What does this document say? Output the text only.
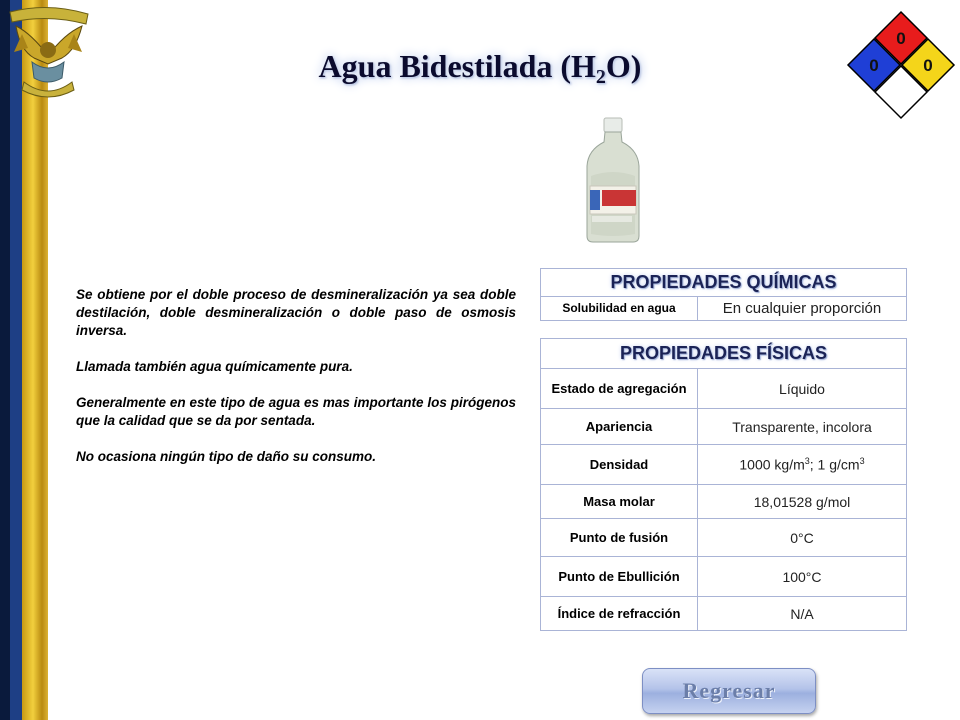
Agua Bidestilada $(H_2O)$
0
0	0

Se obtiene por el doble proceso de desmineralización ya sea doble destilación, doble desmineralización o doble paso de osmosis inversa.

Llamada también agua químicamente pura.

Generalmente en este tipo de agua es mas importante los pirógenos que la calidad que se da por sentada.

No ocasiona ningún tipo de daño su consumo.

PROPIEDADES QUÍMICAS
Solubilidad en agua	En cualquier proporción
PROPIEDADES FÍSICAS	
Estado de agregación	Líquido
Apariencia	Transparente, incolora
Densidad	1000 $kg/m^3$; 1 $g/cm^3$
Masa molar	18,01528 g/mol
Punto de fusión	0°C
Punto de Ebullición	100°C
Índice de refracción	N/A
Regresar
